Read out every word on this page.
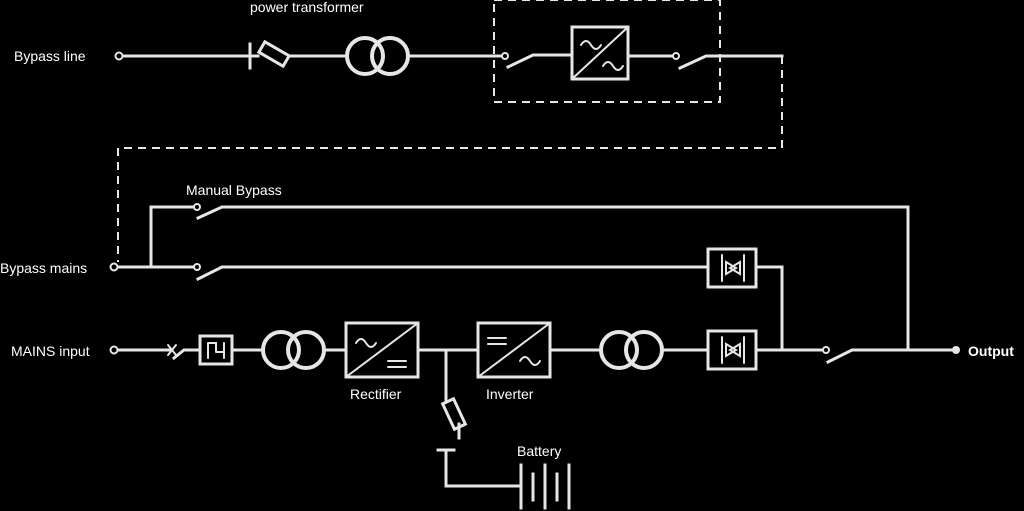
Bypass line
power transformer
Manual Bypass
Bypass mains
MAINS input
Rectifier	Inverter
Output
Battery
